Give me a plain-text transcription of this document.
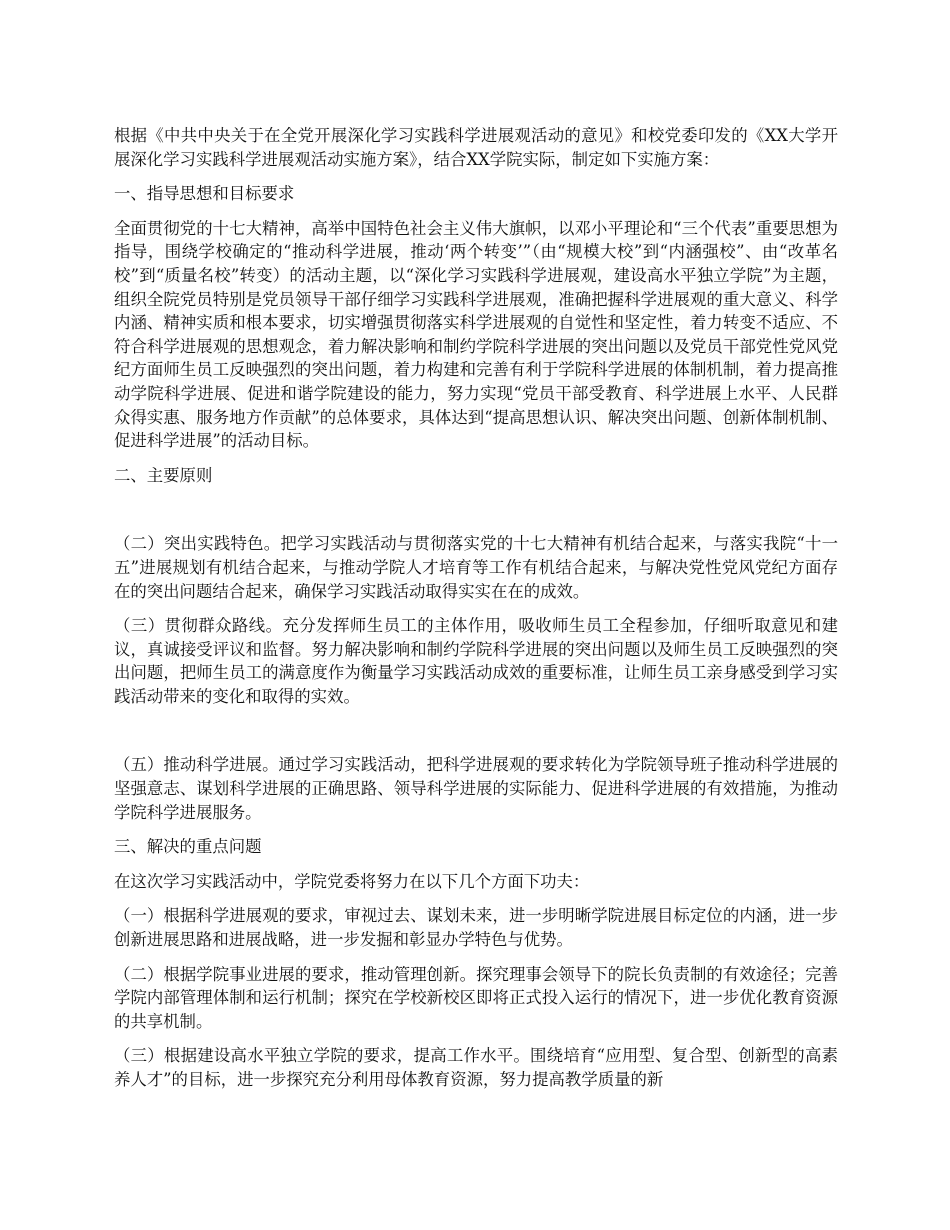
根据《中共中央关于在全党开展深化学习实践科学进展观活动的意见》和校党委印发的《XX大学开展深化学习实践科学进展观活动实施方案》，结合XX学院实际，制定如下实施方案：

一、指导思想和目标要求

全面贯彻党的十七大精神，高举中国特色社会主义伟大旗帜，以邓小平理论和“三个代表”重要思想为指导，围绕学校确定的“推动科学进展，推动‘两个转变’”（由“规模大校”到“内涵强校”、由“改革名校”到“质量名校”转变）的活动主题，以“深化学习实践科学进展观，建设高水平独立学院”为主题，组织全院党员特别是党员领导干部仔细学习实践科学进展观，准确把握科学进展观的重大意义、科学内涵、精神实质和根本要求，切实增强贯彻落实科学进展观的自觉性和坚定性，着力转变不适应、不符合科学进展观的思想观念，着力解决影响和制约学院科学进展的突出问题以及党员干部党性党风党纪方面师生员工反映强烈的突出问题，着力构建和完善有利于学院科学进展的体制机制，着力提高推动学院科学进展、促进和谐学院建设的能力，努力实现“党员干部受教育、科学进展上水平、人民群众得实惠、服务地方作贡献”的总体要求，具体达到“提高思想认识、解决突出问题、创新体制机制、促进科学进展”的活动目标。

二、主要原则

（二）突出实践特色。把学习实践活动与贯彻落实党的十七大精神有机结合起来，与落实我院“十一五”进展规划有机结合起来，与推动学院人才培育等工作有机结合起来，与解决党性党风党纪方面存在的突出问题结合起来，确保学习实践活动取得实实在在的成效。

（三）贯彻群众路线。充分发挥师生员工的主体作用，吸收师生员工全程参加，仔细听取意见和建议，真诚接受评议和监督。努力解决影响和制约学院科学进展的突出问题以及师生员工反映强烈的突出问题，把师生员工的满意度作为衡量学习实践活动成效的重要标准，让师生员工亲身感受到学习实践活动带来的变化和取得的实效。

（五）推动科学进展。通过学习实践活动，把科学进展观的要求转化为学院领导班子推动科学进展的坚强意志、谋划科学进展的正确思路、领导科学进展的实际能力、促进科学进展的有效措施，为推动学院科学进展服务。

三、解决的重点问题

在这次学习实践活动中，学院党委将努力在以下几个方面下功夫：

（一）根据科学进展观的要求，审视过去、谋划未来，进一步明晰学院进展目标定位的内涵，进一步创新进展思路和进展战略，进一步发掘和彰显办学特色与优势。

（二）根据学院事业进展的要求，推动管理创新。探究理事会领导下的院长负责制的有效途径；完善学院内部管理体制和运行机制；探究在学校新校区即将正式投入运行的情况下，进一步优化教育资源的共享机制。

（三）根据建设高水平独立学院的要求，提高工作水平。围绕培育“应用型、复合型、创新型的高素养人才”的目标，进一步探究充分利用母体教育资源，努力提高教学质量的新
